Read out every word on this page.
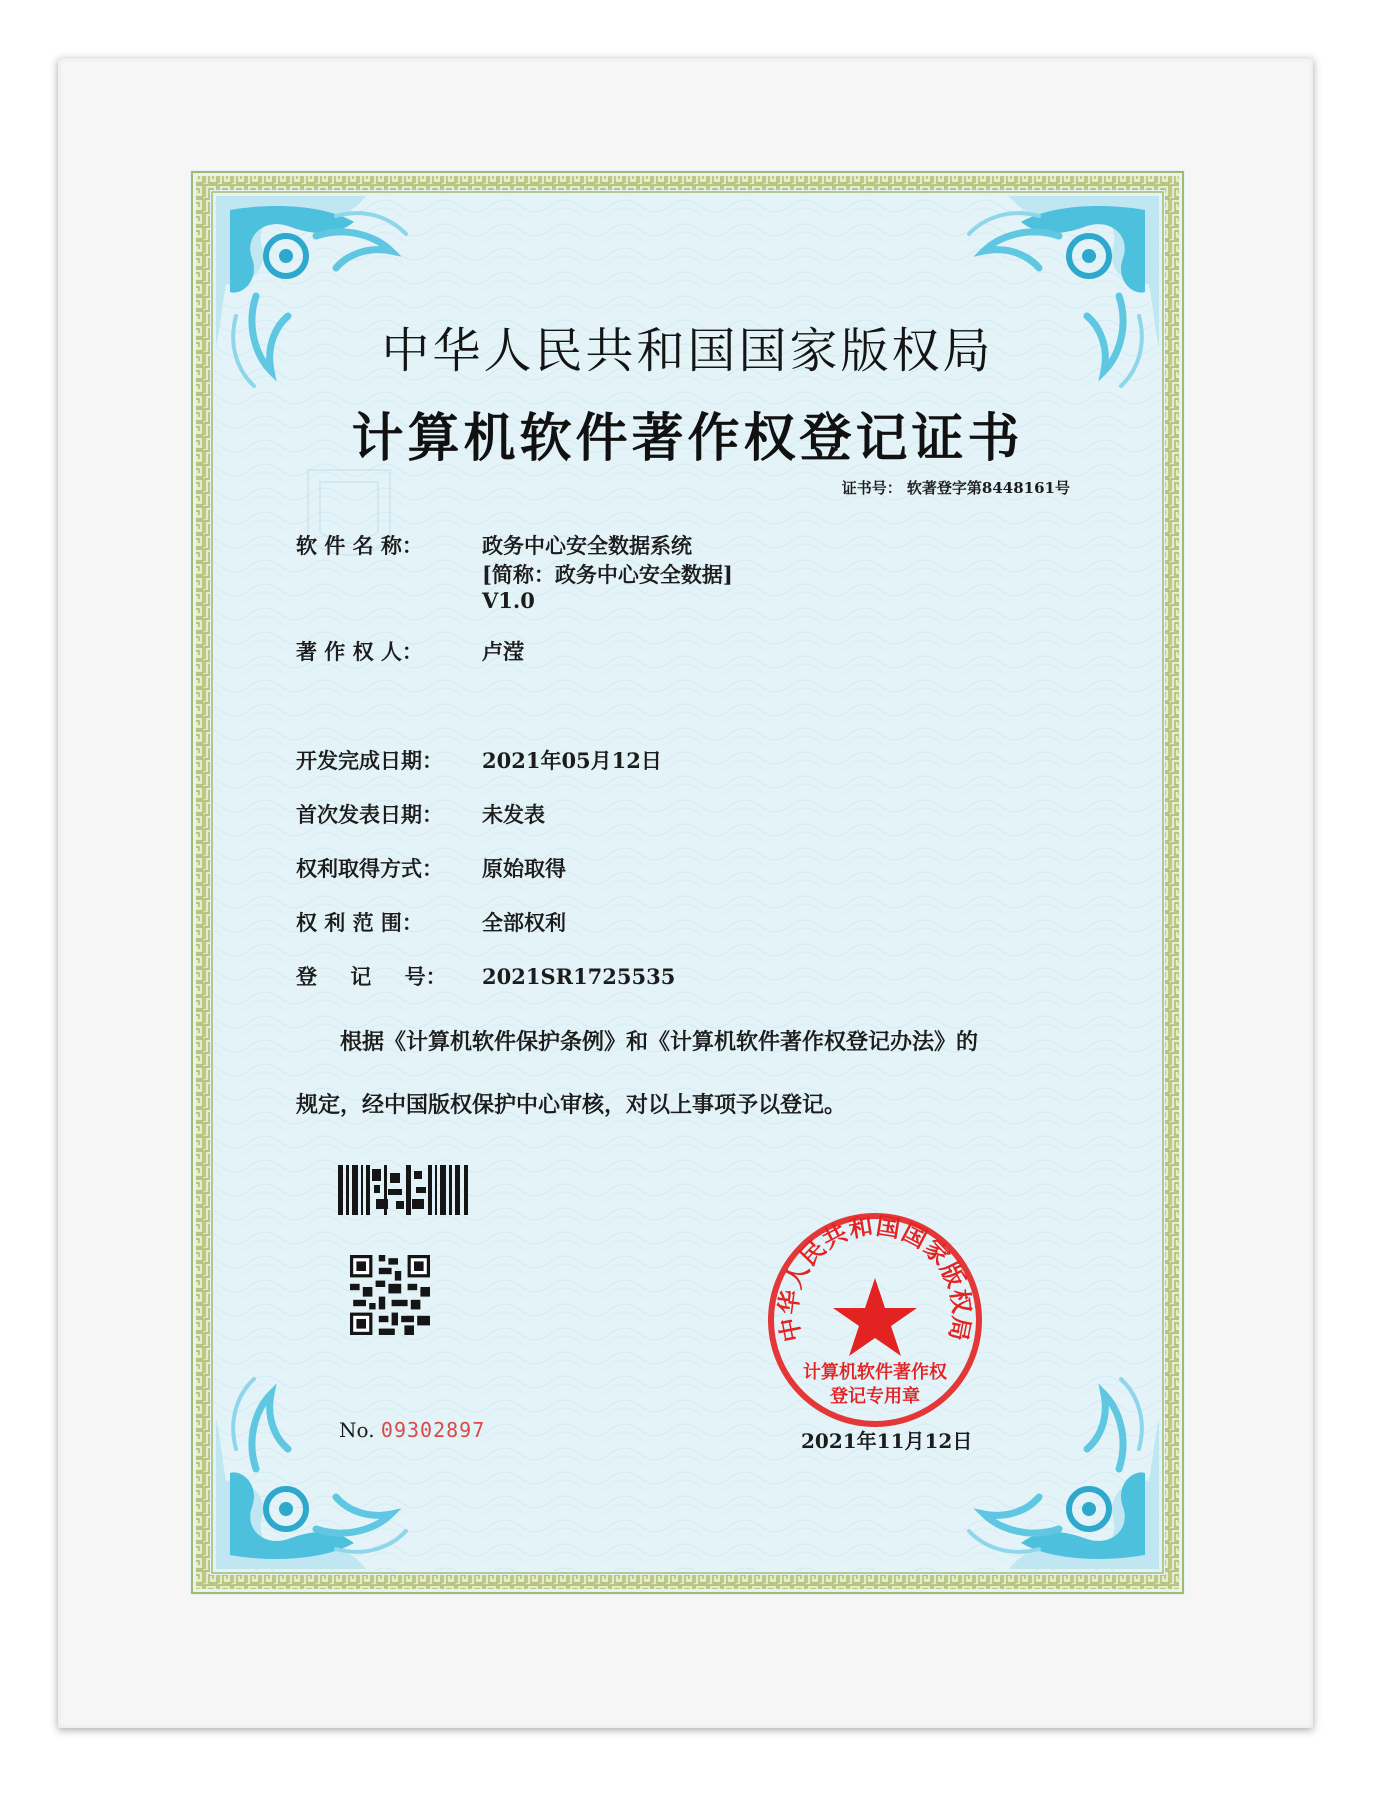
中华人民共和国国家版权局
计算机软件著作权登记证书
证书号： 软著登字第8448161号
软 件 名 称：	政务中心安全数据系统
[简称：政务中心安全数据]
V1.0
著 作 权 人：	卢滢
开发完成日期： 2021年05月12日
首次发表日期： 未发表
权利取得方式： 原始取得
权 利 范 围：	全部权利
登 记 号： 2021SR1725535
根据《计算机软件保护条例》和《计算机软件著作权登记办法》的
规定，经中国版权保护中心审核，对以上事项予以登记。
No. 09302897
中华人民共和国国家版权局
计算机软件著作权
登记专用章
2021年11月12日
